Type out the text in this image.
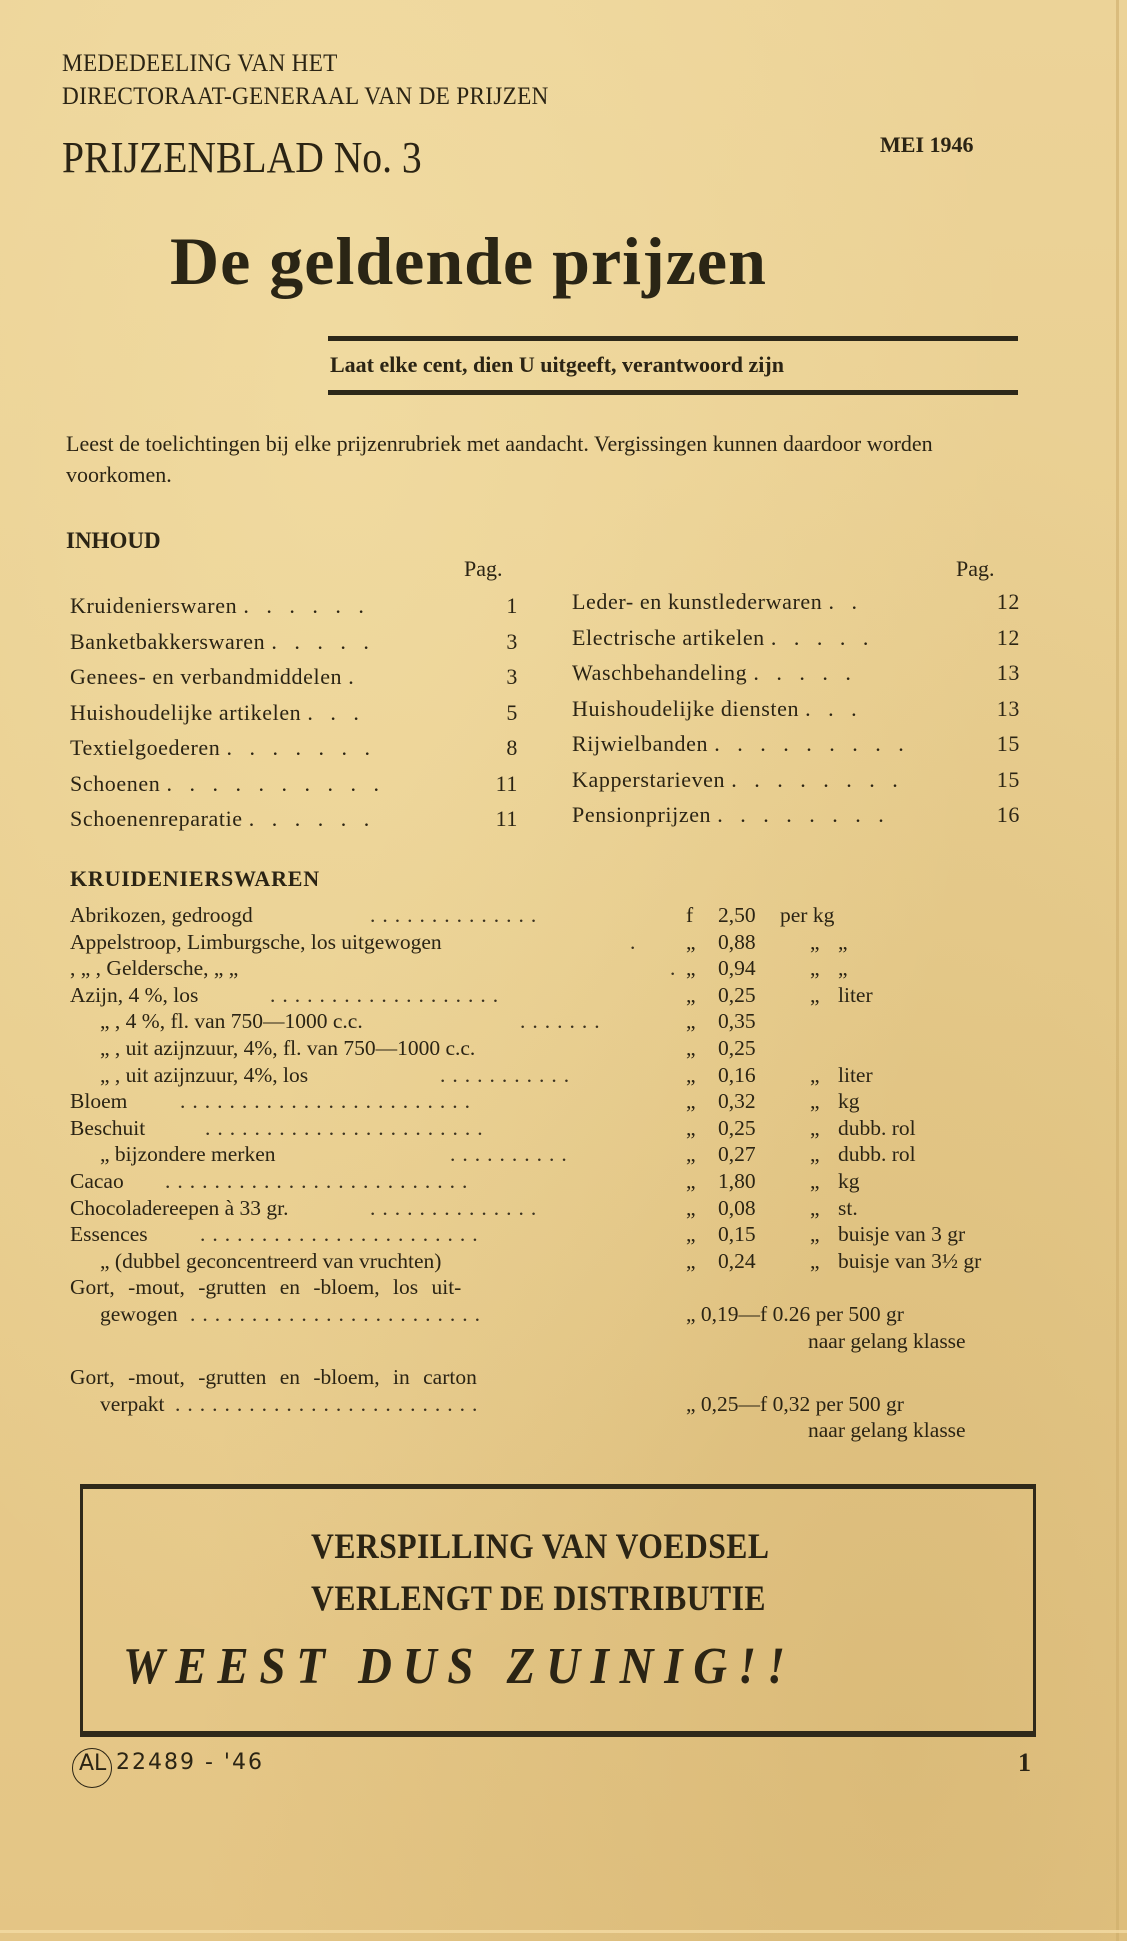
MEDEDEELING VAN HET
DIRECTORAAT-GENERAAL VAN DE PRIJZEN
PRIJZENBLAD No. 3	MEI 1946
De geldende prijzen
Laat elke cent, dien U uitgeeft, verantwoord zijn
Leest de toelichtingen bij elke prijzenrubriek met aandacht. Vergissingen kunnen daardoor worden voorkomen.
INHOUD
Pag.	Pag.
Kruidenierswaren . . . . . .	1
Banketbakkerswaren . . . . .	3
Genees- en verbandmiddelen .	3
Huishoudelijke artikelen . . .	5
Textielgoederen . . . . . . .	8
Schoenen . . . . . . . . . .	11
Schoenenreparatie . . . . . .	11
Leder- en kunstlederwaren . .	12
Electrische artikelen . . . . .	12
Waschbehandeling . . . . .	13
Huishoudelijke diensten . . .	13
Rijwielbanden . . . . . . . . .	15
Kapperstarieven . . . . . . . .	15
Pensionprijzen . . . . . . . .	16
KRUIDENIERSWAREN
Abrikozen, gedroogd	..............	f 2,50 per kg
Appelstroop, Limburgsche, los uitgewogen	. „ 0,88	„ „
, „ , Geldersche, „ „	. „ 0,94	„ „
Azijn, 4 %, los	...................	„ 0,25	„ liter
„ , 4 %, fl. van 750—1000 c.c.	.......	„ 0,35
„ , uit azijnzuur, 4%, fl. van 750—1000 c.c.	„ 0,25
„ , uit azijnzuur, 4%, los	...........	„ 0,16	„ liter
Bloem ........................	„ 0,32	„ kg
Beschuit	.......................	„ 0,25	„ dubb. rol
„ bijzondere merken	..........	„ 0,27	„ dubb. rol
Cacao .........................	„ 1,80	„ kg
Chocoladereepen à 33 gr.	..............	„ 0,08	„ st.
Essences .......................	„ 0,15	„ buisje van 3 gr
„ (dubbel geconcentreerd van vruchten)	„ 0,24	„ buisje van 3½ gr
Gort, -mout, -grutten en -bloem, los uit-
gewogen ........................	„ 0,19—f 0.26 per 500 gr
naar gelang klasse
Gort, -mout, -grutten en -bloem, in carton
verpakt .........................	„ 0,25—f 0,32 per 500 gr
naar gelang klasse
VERSPILLING VAN VOEDSEL
VERLENGT DE DISTRIBUTIE
WEEST DUS ZUINIG!!
AL 22489 - '46	1
